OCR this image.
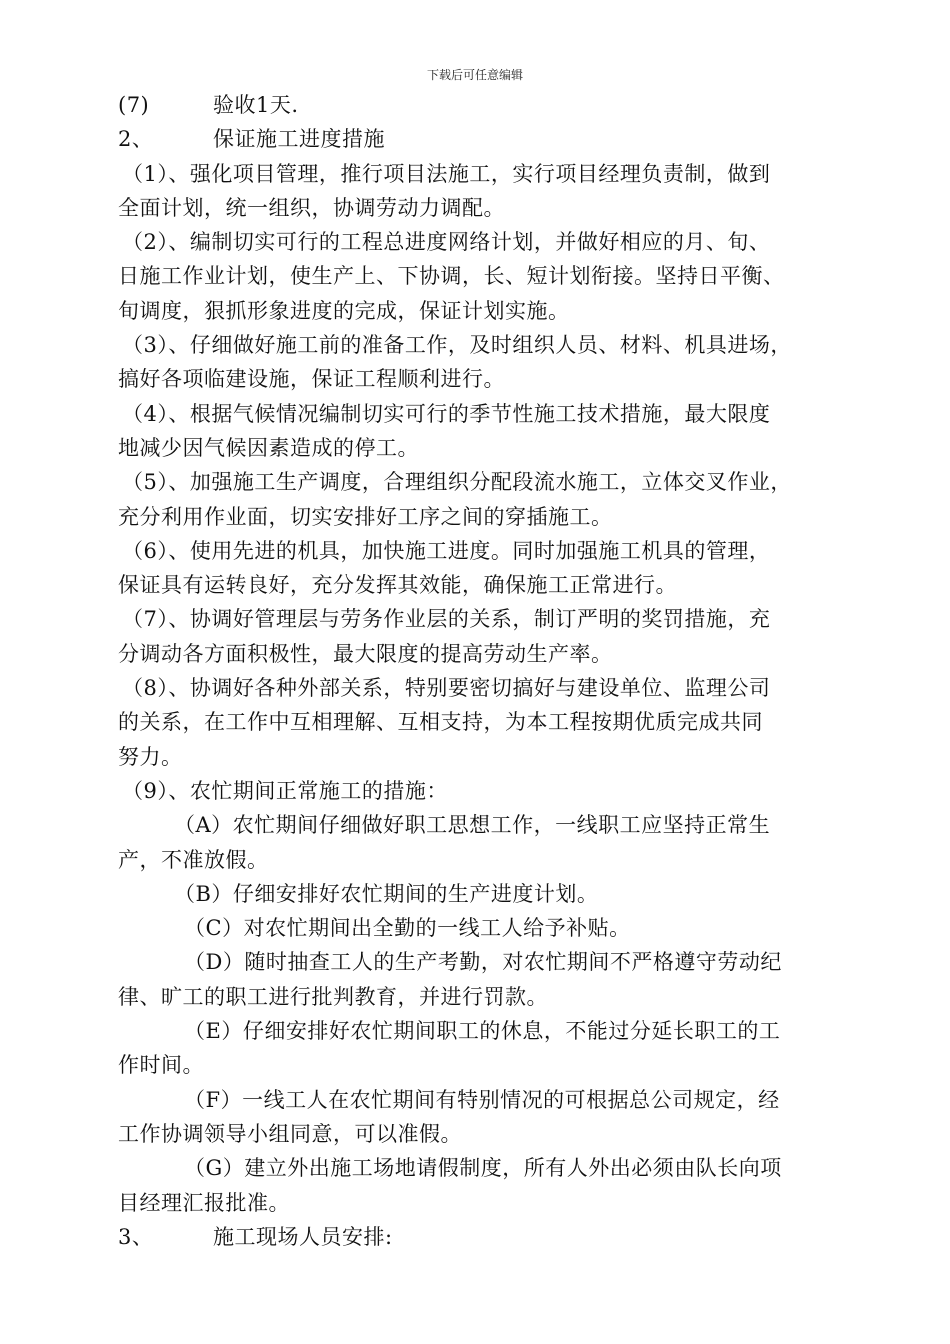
下载后可任意编辑
(7)	验收1天.
2、	保证施工进度措施
（1）、强化项目管理，推行项目法施工，实行项目经理负责制，做到
全面计划，统一组织，协调劳动力调配。
（2）、编制切实可行的工程总进度网络计划，并做好相应的月、旬、
日施工作业计划，使生产上、下协调，长、短计划衔接。坚持日平衡、
旬调度，狠抓形象进度的完成，保证计划实施。
（3）、仔细做好施工前的准备工作，及时组织人员、材料、机具进场，
搞好各项临建设施，保证工程顺利进行。
（4）、根据气候情况编制切实可行的季节性施工技术措施，最大限度
地减少因气候因素造成的停工。
（5）、加强施工生产调度，合理组织分配段流水施工，立体交叉作业，
充分利用作业面，切实安排好工序之间的穿插施工。
（6）、使用先进的机具，加快施工进度。同时加强施工机具的管理，
保证具有运转良好，充分发挥其效能，确保施工正常进行。
（7）、协调好管理层与劳务作业层的关系，制订严明的奖罚措施，充
分调动各方面积极性，最大限度的提高劳动生产率。
（8）、协调好各种外部关系，特别要密切搞好与建设单位、监理公司
的关系，在工作中互相理解、互相支持，为本工程按期优质完成共同
努力。
（9）、农忙期间正常施工的措施：
（A）农忙期间仔细做好职工思想工作，一线职工应坚持正常生
产，不准放假。
（B）仔细安排好农忙期间的生产进度计划。
（C）对农忙期间出全勤的一线工人给予补贴。
（D）随时抽查工人的生产考勤，对农忙期间不严格遵守劳动纪
律、旷工的职工进行批判教育，并进行罚款。
（E）仔细安排好农忙期间职工的休息，不能过分延长职工的工
作时间。
（F）一线工人在农忙期间有特别情况的可根据总公司规定，经
工作协调领导小组同意，可以准假。
（G）建立外出施工场地请假制度，所有人外出必须由队长向项
目经理汇报批准。
3、	施工现场人员安排:
